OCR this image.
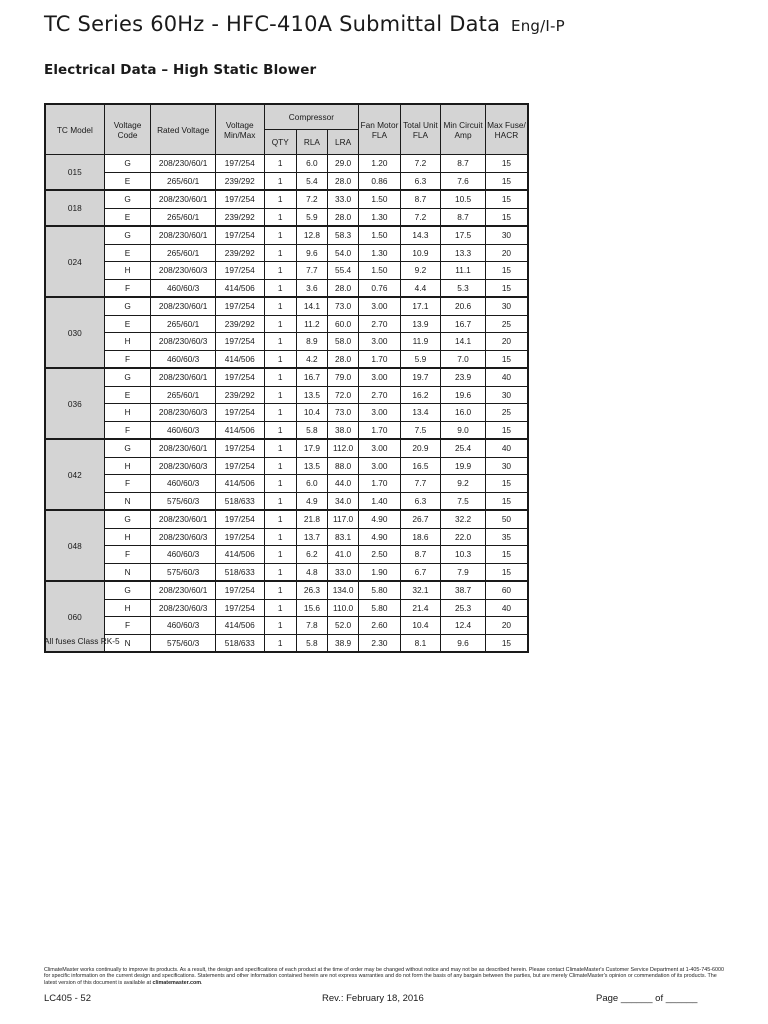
TC Series 60Hz - HFC-410A Submittal Data Eng/I-P
Electrical Data – High Static Blower
TC Model	Voltage Code	Rated Voltage	Voltage Min/Max	Compressor			Fan Motor FLA	Total Unit FLA	Min Circuit Amp	Max Fuse/ HACR
				QTY	RLA	LRA				
015	G	208/230/60/1	197/254	1	6.0	29.0	1.20	7.2	8.7	15
	E	265/60/1	239/292	1	5.4	28.0	0.86	6.3	7.6	15
018	G	208/230/60/1	197/254	1	7.2	33.0	1.50	8.7	10.5	15
	E	265/60/1	239/292	1	5.9	28.0	1.30	7.2	8.7	15
024	G	208/230/60/1	197/254	1	12.8	58.3	1.50	14.3	17.5	30
	E	265/60/1	239/292	1	9.6	54.0	1.30	10.9	13.3	20
	H	208/230/60/3	197/254	1	7.7	55.4	1.50	9.2	11.1	15
	F	460/60/3	414/506	1	3.6	28.0	0.76	4.4	5.3	15
030	G	208/230/60/1	197/254	1	14.1	73.0	3.00	17.1	20.6	30
	E	265/60/1	239/292	1	11.2	60.0	2.70	13.9	16.7	25
	H	208/230/60/3	197/254	1	8.9	58.0	3.00	11.9	14.1	20
	F	460/60/3	414/506	1	4.2	28.0	1.70	5.9	7.0	15
036	G	208/230/60/1	197/254	1	16.7	79.0	3.00	19.7	23.9	40
	E	265/60/1	239/292	1	13.5	72.0	2.70	16.2	19.6	30
	H	208/230/60/3	197/254	1	10.4	73.0	3.00	13.4	16.0	25
	F	460/60/3	414/506	1	5.8	38.0	1.70	7.5	9.0	15
042	G	208/230/60/1	197/254	1	17.9	112.0	3.00	20.9	25.4	40
	H	208/230/60/3	197/254	1	13.5	88.0	3.00	16.5	19.9	30
	F	460/60/3	414/506	1	6.0	44.0	1.70	7.7	9.2	15
	N	575/60/3	518/633	1	4.9	34.0	1.40	6.3	7.5	15
048	G	208/230/60/1	197/254	1	21.8	117.0	4.90	26.7	32.2	50
	H	208/230/60/3	197/254	1	13.7	83.1	4.90	18.6	22.0	35
	F	460/60/3	414/506	1	6.2	41.0	2.50	8.7	10.3	15
	N	575/60/3	518/633	1	4.8	33.0	1.90	6.7	7.9	15
060	G	208/230/60/1	197/254	1	26.3	134.0	5.80	32.1	38.7	60
	H	208/230/60/3	197/254	1	15.6	110.0	5.80	21.4	25.3	40
	F	460/60/3	414/506	1	7.8	52.0	2.60	10.4	12.4	20
	N	575/60/3	518/633	1	5.8	38.9	2.30	8.1	9.6	15
All fuses Class RK-5
ClimateMaster works continually to improve its products. As a result, the design and specifications of each product at the time of order may be changed without notice and may not be as described herein. Please contact ClimateMaster's Customer Service Department at 1-405-745-6000 for specific information on the current design and specifications. Statements and other information contained herein are not express warranties and do not form the basis of any bargain between the parties, but are merely ClimateMaster's opinion or commendation of its products. The latest version of this document is available at climatemaster.com.
LC405 - 52	Rev.: February 18, 2016	Page ______ of ______
